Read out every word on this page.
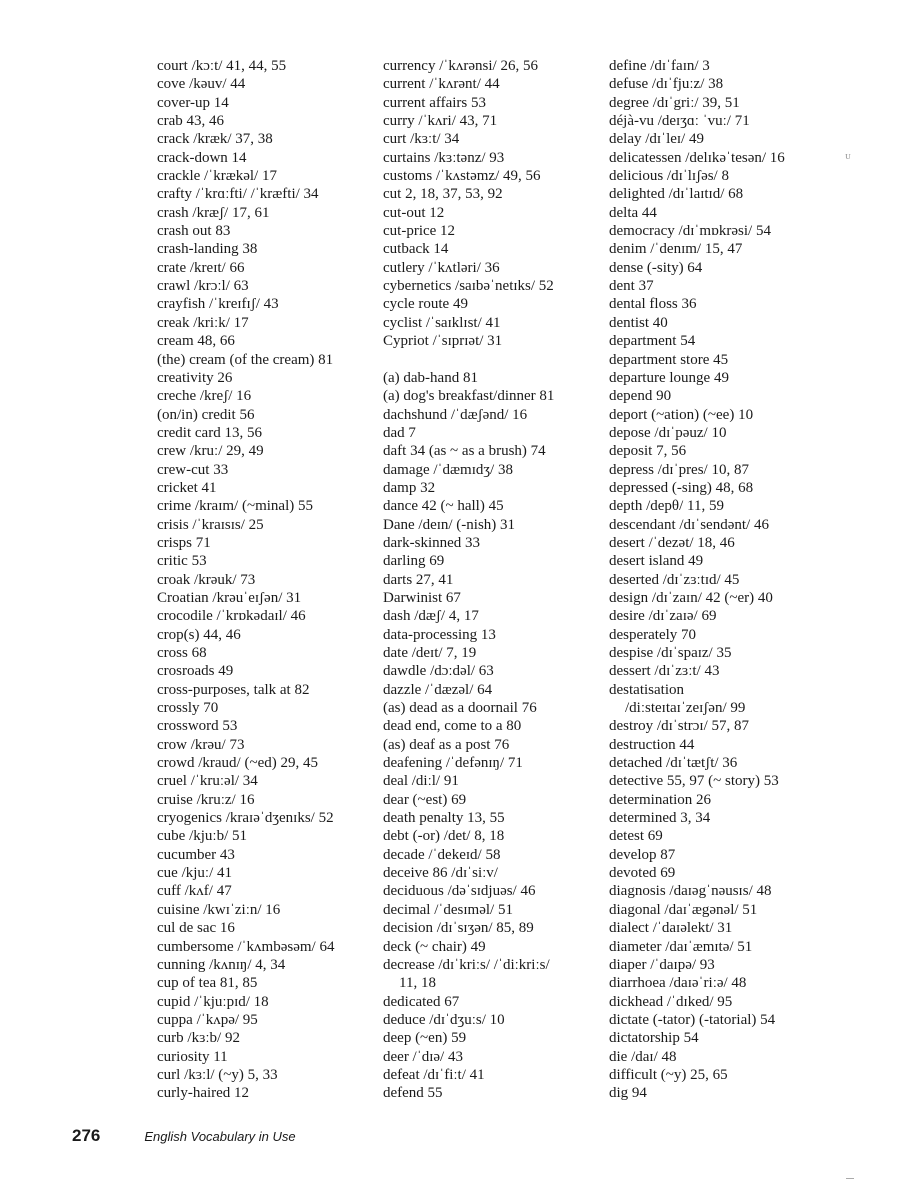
court /kɔːt/ 41, 44, 55
cove /kəuv/ 44
cover-up 14
crab 43, 46
crack /kræk/ 37, 38
crack-down 14
crackle /ˈkrækəl/ 17
crafty /ˈkrɑːfti/ /ˈkræfti/ 34
crash /kræʃ/ 17, 61
crash out 83
crash-landing 38
crate /kreɪt/ 66
crawl /krɔːl/ 63
crayfish /ˈkreɪfɪʃ/ 43
creak /kriːk/ 17
cream 48, 66
(the) cream (of the cream) 81
creativity 26
creche /kreʃ/ 16
(on/in) credit 56
credit card 13, 56
crew /kruː/ 29, 49
crew-cut 33
cricket 41
crime /kraɪm/ (~minal) 55
crisis /ˈkraɪsɪs/ 25
crisps 71
critic 53
croak /krəuk/ 73
Croatian /krəuˈeɪʃən/ 31
crocodile /ˈkrɒkədaɪl/ 46
crop(s) 44, 46
cross 68
crosroads 49
cross-purposes, talk at 82
crossly 70
crossword 53
crow /krəu/ 73
crowd /kraud/ (~ed) 29, 45
cruel /ˈkruːəl/ 34
cruise /kruːz/ 16
cryogenics /kraɪəˈdʒenɪks/ 52
cube /kjuːb/ 51
cucumber 43
cue /kjuː/ 41
cuff /kʌf/ 47
cuisine /kwɪˈziːn/ 16
cul de sac 16
cumbersome /ˈkʌmbəsəm/ 64
cunning /kʌnɪŋ/ 4, 34
cup of tea 81, 85
cupid /ˈkjuːpɪd/ 18
cuppa /ˈkʌpə/ 95
curb /kɜːb/ 92
curiosity 11
curl /kɜːl/ (~y) 5, 33
curly-haired 12
currency /ˈkʌrənsi/ 26, 56
current /ˈkʌrənt/ 44
current affairs 53
curry /ˈkʌri/ 43, 71
curt /kɜːt/ 34
curtains /kɜːtənz/ 93
customs /ˈkʌstəmz/ 49, 56
cut 2, 18, 37, 53, 92
cut-out 12
cut-price 12
cutback 14
cutlery /ˈkʌtləri/ 36
cybernetics /saɪbəˈnetɪks/ 52
cycle route 49
cyclist /ˈsaɪklɪst/ 41
Cypriot /ˈsɪprɪət/ 31
(a) dab-hand 81
(a) dog's breakfast/dinner 81
dachshund /ˈdæʃənd/ 16
dad 7
daft 34 (as ~ as a brush) 74
damage /ˈdæmɪdʒ/ 38
damp 32
dance 42 (~ hall) 45
Dane /deɪn/ (-nish) 31
dark-skinned 33
darling 69
darts 27, 41
Darwinist 67
dash /dæʃ/ 4, 17
data-processing 13
date /deɪt/ 7, 19
dawdle /dɔːdəl/ 63
dazzle /ˈdæzəl/ 64
(as) dead as a doornail 76
dead end, come to a 80
(as) deaf as a post 76
deafening /ˈdefənɪŋ/ 71
deal /diːl/ 91
dear (~est) 69
death penalty 13, 55
debt (-or) /det/ 8, 18
decade /ˈdekeɪd/ 58
deceive 86 /dɪˈsiːv/
deciduous /dəˈsɪdjuəs/ 46
decimal /ˈdesɪməl/ 51
decision /dɪˈsɪʒən/ 85, 89
deck (~ chair) 49
decrease /dɪˈkriːs/ /ˈdiːkriːs/
11, 18
dedicated 67
deduce /dɪˈdʒuːs/ 10
deep (~en) 59
deer /ˈdɪə/ 43
defeat /dɪˈfiːt/ 41
defend 55
define /dɪˈfaɪn/ 3
defuse /dɪˈfjuːz/ 38
degree /dɪˈgriː/ 39, 51
déjà-vu /deɪʒɑː ˈvuː/ 71
delay /dɪˈleɪ/ 49
delicatessen /delɪkəˈtesən/ 16
delicious /dɪˈlɪʃəs/ 8
delighted /dɪˈlaɪtɪd/ 68
delta 44
democracy /dɪˈmɒkrəsi/ 54
denim /ˈdenɪm/ 15, 47
dense (-sity) 64
dent 37
dental floss 36
dentist 40
department 54
department store 45
departure lounge 49
depend 90
deport (~ation) (~ee) 10
depose /dɪˈpəuz/ 10
deposit 7, 56
depress /dɪˈpres/ 10, 87
depressed (-sing) 48, 68
depth /depθ/ 11, 59
descendant /dɪˈsendənt/ 46
desert /ˈdezət/ 18, 46
desert island 49
deserted /dɪˈzɜːtɪd/ 45
design /dɪˈzaɪn/ 42 (~er) 40
desire /dɪˈzaɪə/ 69
desperately 70
despise /dɪˈspaɪz/ 35
dessert /dɪˈzɜːt/ 43
destatisation
/diːsteɪtaɪˈzeɪʃən/ 99
destroy /dɪˈstrɔɪ/ 57, 87
destruction 44
detached /dɪˈtætʃt/ 36
detective 55, 97 (~ story) 53
determination 26
determined 3, 34
detest 69
develop 87
devoted 69
diagnosis /daɪəgˈnəusɪs/ 48
diagonal /daɪˈægənəl/ 51
dialect /ˈdaɪəlekt/ 31
diameter /daɪˈæmɪtə/ 51
diaper /ˈdaɪpə/ 93
diarrhoea /daɪəˈriːə/ 48
dickhead /ˈdɪked/ 95
dictate (-tator) (-tatorial) 54
dictatorship 54
die /daɪ/ 48
difficult (~y) 25, 65
dig 94
276	English Vocabulary in Use
ᴜ
